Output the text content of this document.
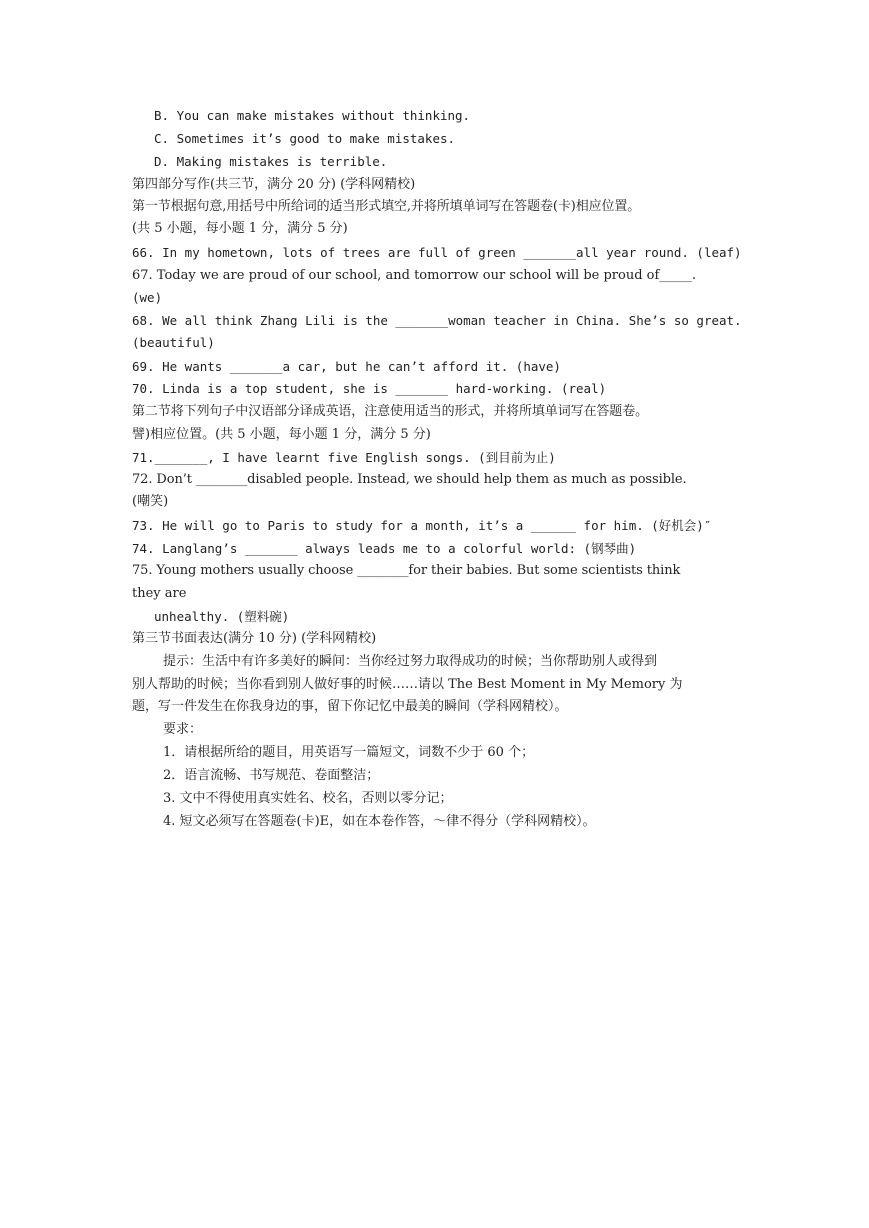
B. You can make mistakes without thinking.
C. Sometimes it’s good to make mistakes.
D. Making mistakes is terrible.
第四部分写作(共三节，满分 20 分) (学科网精校)
第一节根据句意,用括号中所给词的适当形式填空,并将所填单词写在答题卷(卡)相应位置。
(共 5 小题，每小题 1 分，满分 5 分)
66. In my hometown, lots of trees are full of green _______all year round. (leaf)
67. Today we are proud of our school, and tomorrow our school will be proud of_____.
(we)
68. We all think Zhang Lili is the _______woman teacher in China. She’s so great.
(beautiful)
69. He wants _______a car, but he can’t afford it. (have)
70. Linda is a top student, she is _______ hard-working. (real)
第二节将下列句子中汉语部分译成英语，注意使用适当的形式，并将所填单词写在答题卷。
譬)相应位置。(共 5 小题，每小题 1 分，满分 5 分)
71._______, I have learnt five English songs. (到目前为止)
72. Don’t ________disabled people. Instead, we should help them as much as possible.
(嘲笑)
73. He will go to Paris to study for a month, it’s a ______ for him. (好机会)″
74. Langlang’s _______ always leads me to a colorful world: (钢琴曲)
75. Young mothers usually choose ________for their babies. But some scientists think
they are
unhealthy. (塑料碗)
第三节书面表达(满分 10 分) (学科网精校)
提示：生活中有许多美好的瞬间：当你经过努力取得成功的时候；当你帮助别人或得到
别人帮助的时候；当你看到别人做好事的时候……请以 The Best Moment in My Memory 为
题，写一件发生在你我身边的事，留下你记忆中最美的瞬间（学科网精校）。
要求：
1．请根据所给的题目，用英语写一篇短文，词数不少于 60 个；
2．语言流畅、书写规范、卷面整洁；
3. 文中不得使用真实姓名、校名，否则以零分记；
4. 短文必须写在答题卷(卡)E，如在本卷作答，～律不得分（学科网精校）。
